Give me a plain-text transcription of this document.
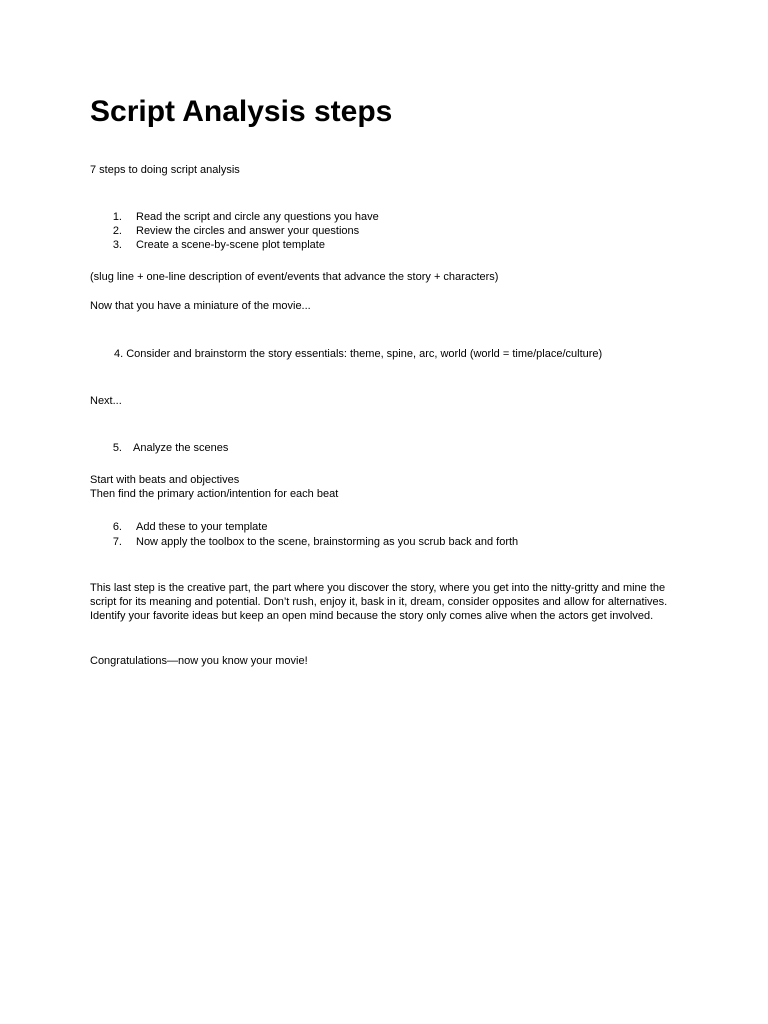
Script Analysis steps
7 steps to doing script analysis
1. Read the script and circle any questions you have
2. Review the circles and answer your questions
3. Create a scene-by-scene plot template
(slug line + one-line description of event/events that advance the story + characters)
Now that you have a miniature of the movie...
4. Consider and brainstorm the story essentials: theme, spine, arc, world (world = time/place/culture)
Next...
5. Analyze the scenes
Start with beats and objectives
Then find the primary action/intention for each beat
6. Add these to your template
7. Now apply the toolbox to the scene, brainstorming as you scrub back and forth

This last step is the creative part, the part where you discover the story, where you get into the nitty-gritty and mine the script for its meaning and potential. Don’t rush, enjoy it, bask in it, dream, consider opposites and allow for alternatives. Identify your favorite ideas but keep an open mind because the story only comes alive when the actors get involved.

Congratulations—now you know your movie!
